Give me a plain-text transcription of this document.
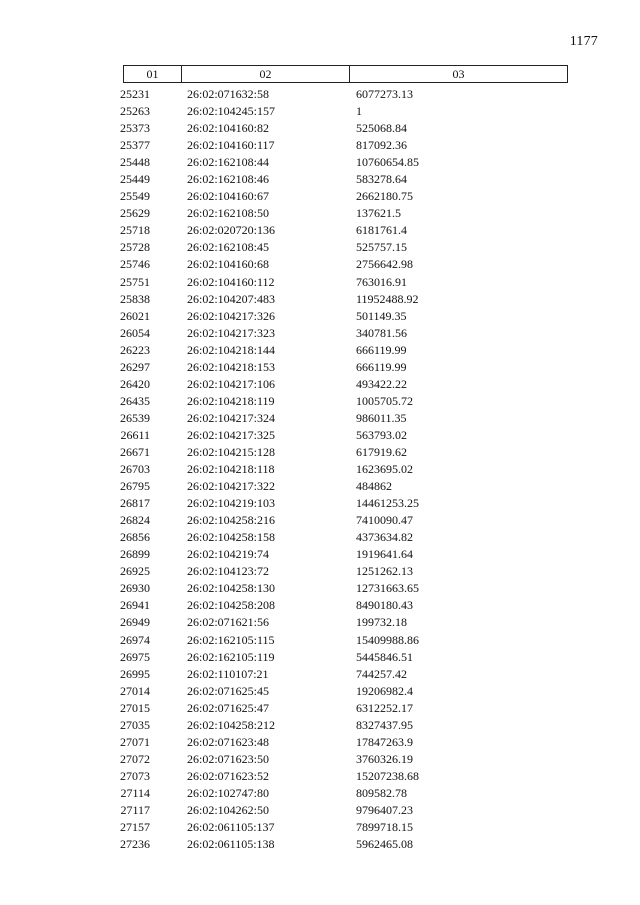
1177
01	02	03
25231	26:02:071632:58	6077273.13
25263	26:02:104245:157	1
25373	26:02:104160:82	525068.84
25377	26:02:104160:117	817092.36
25448	26:02:162108:44	10760654.85
25449	26:02:162108:46	583278.64
25549	26:02:104160:67	2662180.75
25629	26:02:162108:50	137621.5
25718	26:02:020720:136	6181761.4
25728	26:02:162108:45	525757.15
25746	26:02:104160:68	2756642.98
25751	26:02:104160:112	763016.91
25838	26:02:104207:483	11952488.92
26021	26:02:104217:326	501149.35
26054	26:02:104217:323	340781.56
26223	26:02:104218:144	666119.99
26297	26:02:104218:153	666119.99
26420	26:02:104217:106	493422.22
26435	26:02:104218:119	1005705.72
26539	26:02:104217:324	986011.35
26611	26:02:104217:325	563793.02
26671	26:02:104215:128	617919.62
26703	26:02:104218:118	1623695.02
26795	26:02:104217:322	484862
26817	26:02:104219:103	14461253.25
26824	26:02:104258:216	7410090.47
26856	26:02:104258:158	4373634.82
26899	26:02:104219:74	1919641.64
26925	26:02:104123:72	1251262.13
26930	26:02:104258:130	12731663.65
26941	26:02:104258:208	8490180.43
26949	26:02:071621:56	199732.18
26974	26:02:162105:115	15409988.86
26975	26:02:162105:119	5445846.51
26995	26:02:110107:21	744257.42
27014	26:02:071625:45	19206982.4
27015	26:02:071625:47	6312252.17
27035	26:02:104258:212	8327437.95
27071	26:02:071623:48	17847263.9
27072	26:02:071623:50	3760326.19
27073	26:02:071623:52	15207238.68
27114	26:02:102747:80	809582.78
27117	26:02:104262:50	9796407.23
27157	26:02:061105:137	7899718.15
27236	26:02:061105:138	5962465.08
